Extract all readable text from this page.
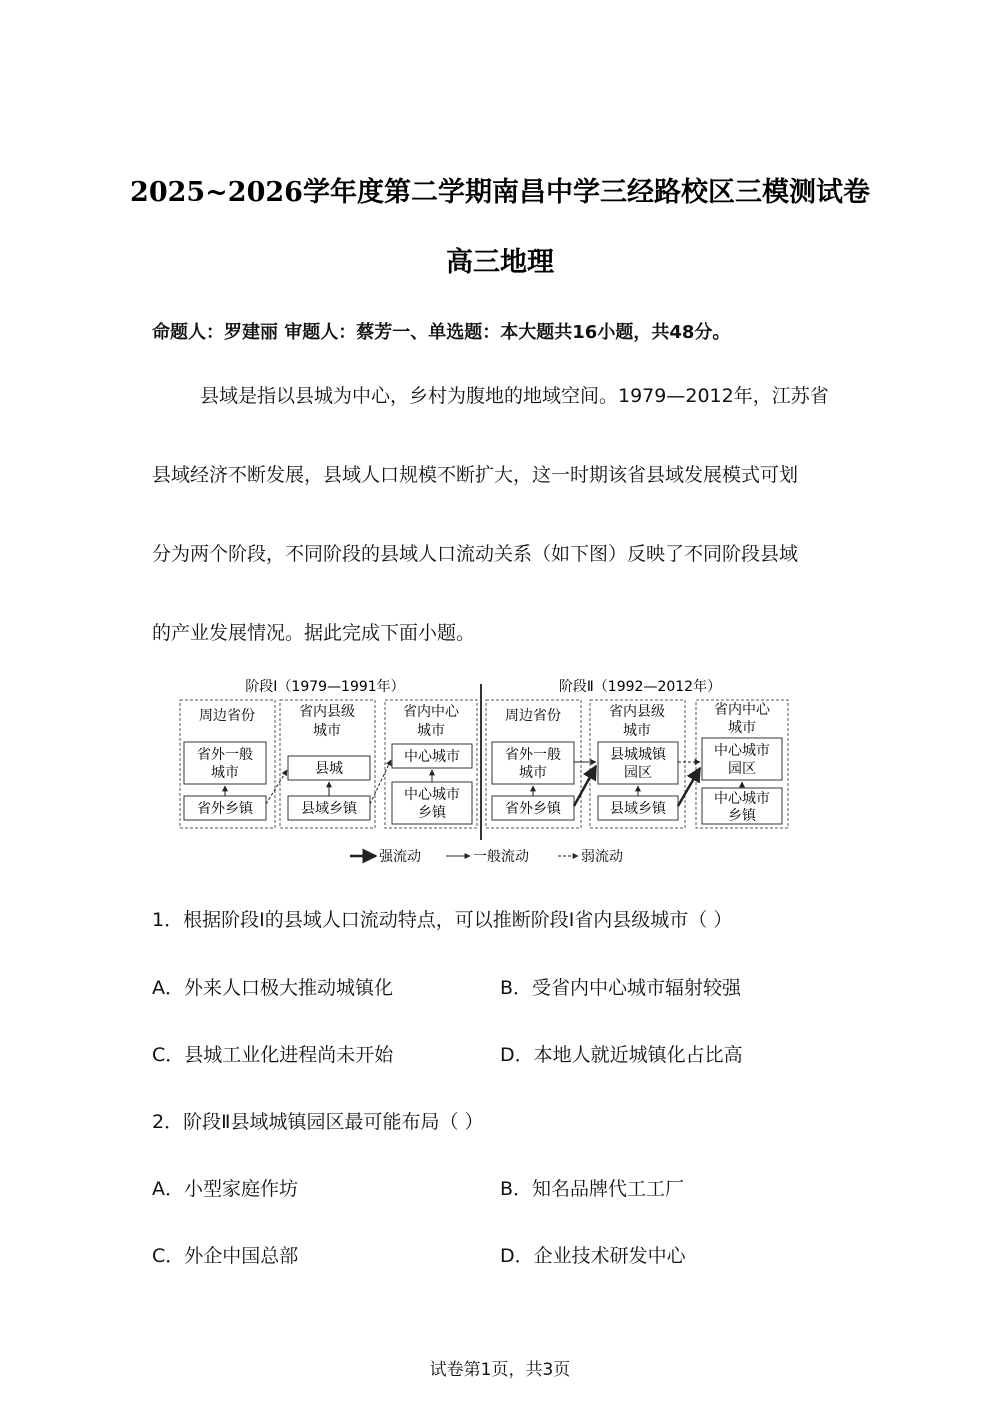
2025~2026学年度第二学期南昌中学三经路校区三模测试卷
高三地理
命题人：罗建丽 审题人：蔡芳一、单选题：本大题共16小题，共48分。
县域是指以县城为中心，乡村为腹地的地域空间。1979—2012年，江苏省
县域经济不断发展，县域人口规模不断扩大，这一时期该省县域发展模式可划
分为两个阶段，不同阶段的县域人口流动关系（如下图）反映了不同阶段县域
的产业发展情况。据此完成下面小题。
阶段Ⅰ（1979—1991年）	阶段Ⅱ（1992—2012年）
周边省份	省内县级
城市
省内中心
城市
省外一般
城市
省外乡镇
县城
县域乡镇
中心城市
中心城市
乡镇
周边省份	省内县级
城市
省内中心
城市
省外一般
城市
省外乡镇
县城城镇
园区
县域乡镇
中心城市
园区
中心城市
乡镇
强流动	一般流动	弱流动
1．根据阶段Ⅰ的县域人口流动特点，可以推断阶段Ⅰ省内县级城市（ ）
A．外来人口极大推动城镇化	B．受省内中心城市辐射较强
C．县城工业化进程尚未开始	D．本地人就近城镇化占比高
2．阶段Ⅱ县域城镇园区最可能布局（ ）
A．小型家庭作坊	B．知名品牌代工工厂
C．外企中国总部	D．企业技术研发中心
试卷第1页，共3页
